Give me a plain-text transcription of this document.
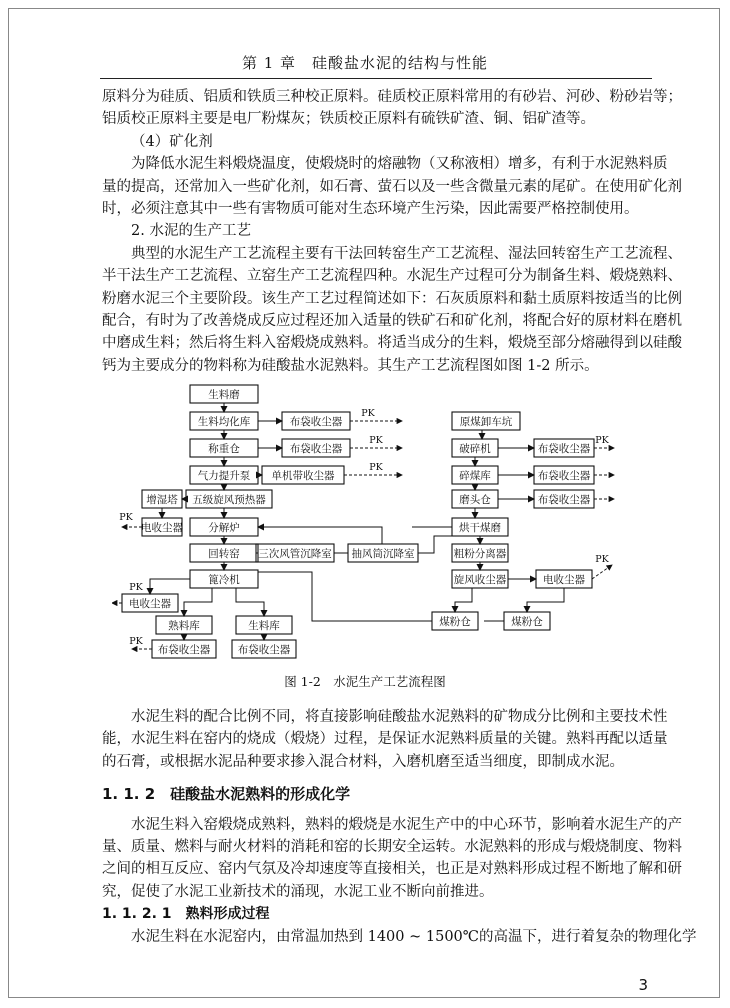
第 1 章　硅酸盐水泥的结构与性能
原料分为硅质、铝质和铁质三种校正原料。硅质校正原料常用的有砂岩、河砂、粉砂岩等；
铝质校正原料主要是电厂粉煤灰；铁质校正原料有硫铁矿渣、铜、铝矿渣等。
（4）矿化剂
为降低水泥生料煅烧温度，使煅烧时的熔融物（又称液相）增多，有利于水泥熟料质
量的提高，还常加入一些矿化剂，如石膏、萤石以及一些含微量元素的尾矿。在使用矿化剂
时，必须注意其中一些有害物质可能对生态环境产生污染，因此需要严格控制使用。
2. 水泥的生产工艺
典型的水泥生产工艺流程主要有干法回转窑生产工艺流程、湿法回转窑生产工艺流程、
半干法生产工艺流程、立窑生产工艺流程四种。水泥生产过程可分为制备生料、煅烧熟料、
粉磨水泥三个主要阶段。该生产工艺过程简述如下：石灰质原料和黏土质原料按适当的比例
配合，有时为了改善烧成反应过程还加入适量的铁矿石和矿化剂，将配合好的原材料在磨机
中磨成生料；然后将生料入窑煅烧成熟料。将适当成分的生料，煅烧至部分熔融得到以硅酸
钙为主要成分的物料称为硅酸盐水泥熟料。其生产工艺流程图如图 1-2 所示。
生料磨
生料均化库
称重仓
气力提升泵
五级旋风预热器
分解炉
回转窑
篦冷机
增湿塔
电收尘器
电收尘器
布袋收尘器
布袋收尘器
单机带收尘器
三次风管沉降室 抽风筒沉降室
熟料库	生料库
布袋收尘器	布袋收尘器
原煤卸车坑
破碎机
碎煤库
磨头仓
烘干煤磨
粗粉分离器
旋风收尘器	电收尘器
布袋收尘器
布袋收尘器
布袋收尘器
煤粉仓	煤粉仓
PK
PK
PK
PK
PK
PK
PK
PK
图 1-2　水泥生产工艺流程图
水泥生料的配合比例不同，将直接影响硅酸盐水泥熟料的矿物成分比例和主要技术性
能，水泥生料在窑内的烧成（煅烧）过程，是保证水泥熟料质量的关键。熟料再配以适量
的石膏，或根据水泥品种要求掺入混合材料，入磨机磨至适当细度，即制成水泥。
1. 1. 2　硅酸盐水泥熟料的形成化学
水泥生料入窑煅烧成熟料，熟料的煅烧是水泥生产中的中心环节，影响着水泥生产的产
量、质量、燃料与耐火材料的消耗和窑的长期安全运转。水泥熟料的形成与煅烧制度、物料
之间的相互反应、窑内气氛及冷却速度等直接相关，也正是对熟料形成过程不断地了解和研
究，促使了水泥工业新技术的涌现，水泥工业不断向前推进。
1. 1. 2. 1　熟料形成过程
水泥生料在水泥窑内，由常温加热到 1400 ~ 1500℃的高温下，进行着复杂的物理化学
3
